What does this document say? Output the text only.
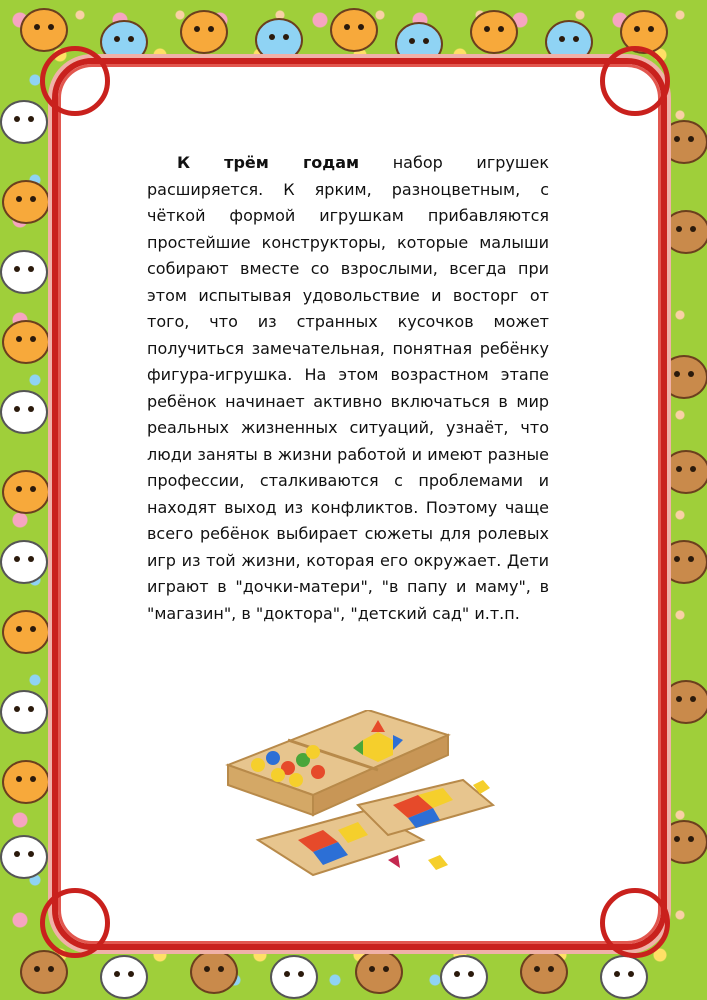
К трём годам набор игрушек расширяется. К ярким, разноцветным, с чёткой формой игрушкам прибавляются простейшие конструкторы, которые малыши собирают вместе со взрослыми, всегда при этом испытывая удовольствие и восторг от того, что из странных кусочков может получиться замечательная, понятная ребёнку фигура-игрушка. На этом возрастном этапе ребёнок начинает активно включаться в мир реальных жизненных ситуаций, узнаёт, что люди заняты в жизни работой и имеют разные профессии, сталкиваются с проблемами и находят выход из конфликтов. Поэтому чаще всего ребёнок выбирает сюжеты для ролевых игр из той жизни, которая его окружает. Дети играют в "дочки-матери", "в папу и маму", в "магазин", в "доктора", "детский сад" и.т.п.
